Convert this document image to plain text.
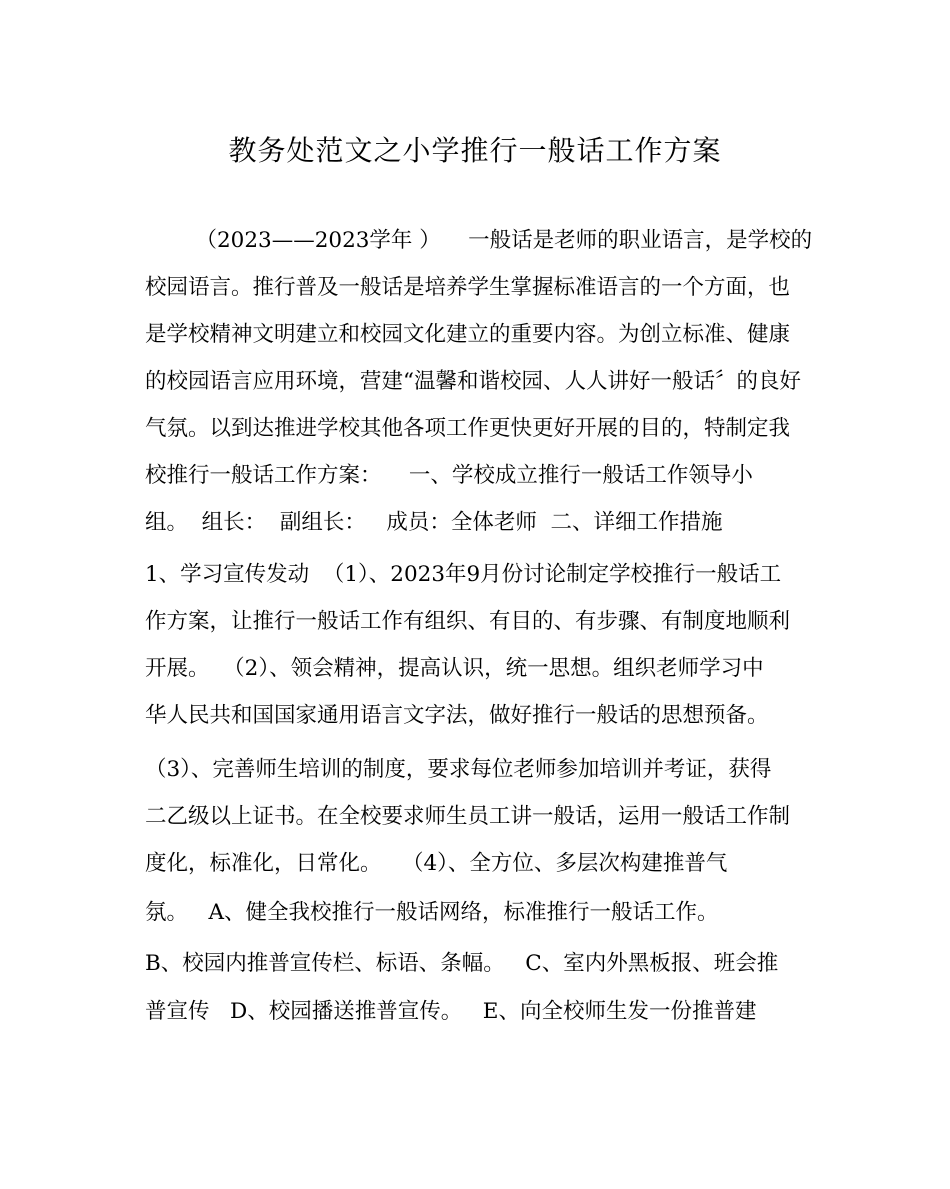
教务处范文之小学推行一般话工作方案
（2023——2023学年 ）    一般话是老师的职业语言，是学校的
校园语言。推行普及一般话是培养学生掌握标准语言的一个方面，也
是学校精神文明建立和校园文化建立的重要内容。为创立标准、健康
的校园语言应用环境，营建“温馨和谐校园、人人讲好一般话〞的良好
气氛。以到达推进学校其他各项工作更快更好开展的目的，特制定我
校推行一般话工作方案：    一、学校成立推行一般话工作领导小
组。  组长：  副组长：   成员：全体老师  二、详细工作措施
1、学习宣传发动  （1）、2023年9月份讨论制定学校推行一般话工
作方案，让推行一般话工作有组织、有目的、有步骤、有制度地顺利
开展。  （2）、领会精神，提高认识，统一思想。组织老师学习中
华人民共和国国家通用语言文字法，做好推行一般话的思想预备。
（3）、完善师生培训的制度，要求每位老师参加培训并考证，获得
二乙级以上证书。在全校要求师生员工讲一般话，运用一般话工作制
度化，标准化，日常化。   （4）、全方位、多层次构建推普气
氛。   A、健全我校推行一般话网络，标准推行一般话工作。
B、校园内推普宣传栏、标语、条幅。   C、室内外黑板报、班会推
普宣传   D、校园播送推普宣传。   E、向全校师生发一份推普建
